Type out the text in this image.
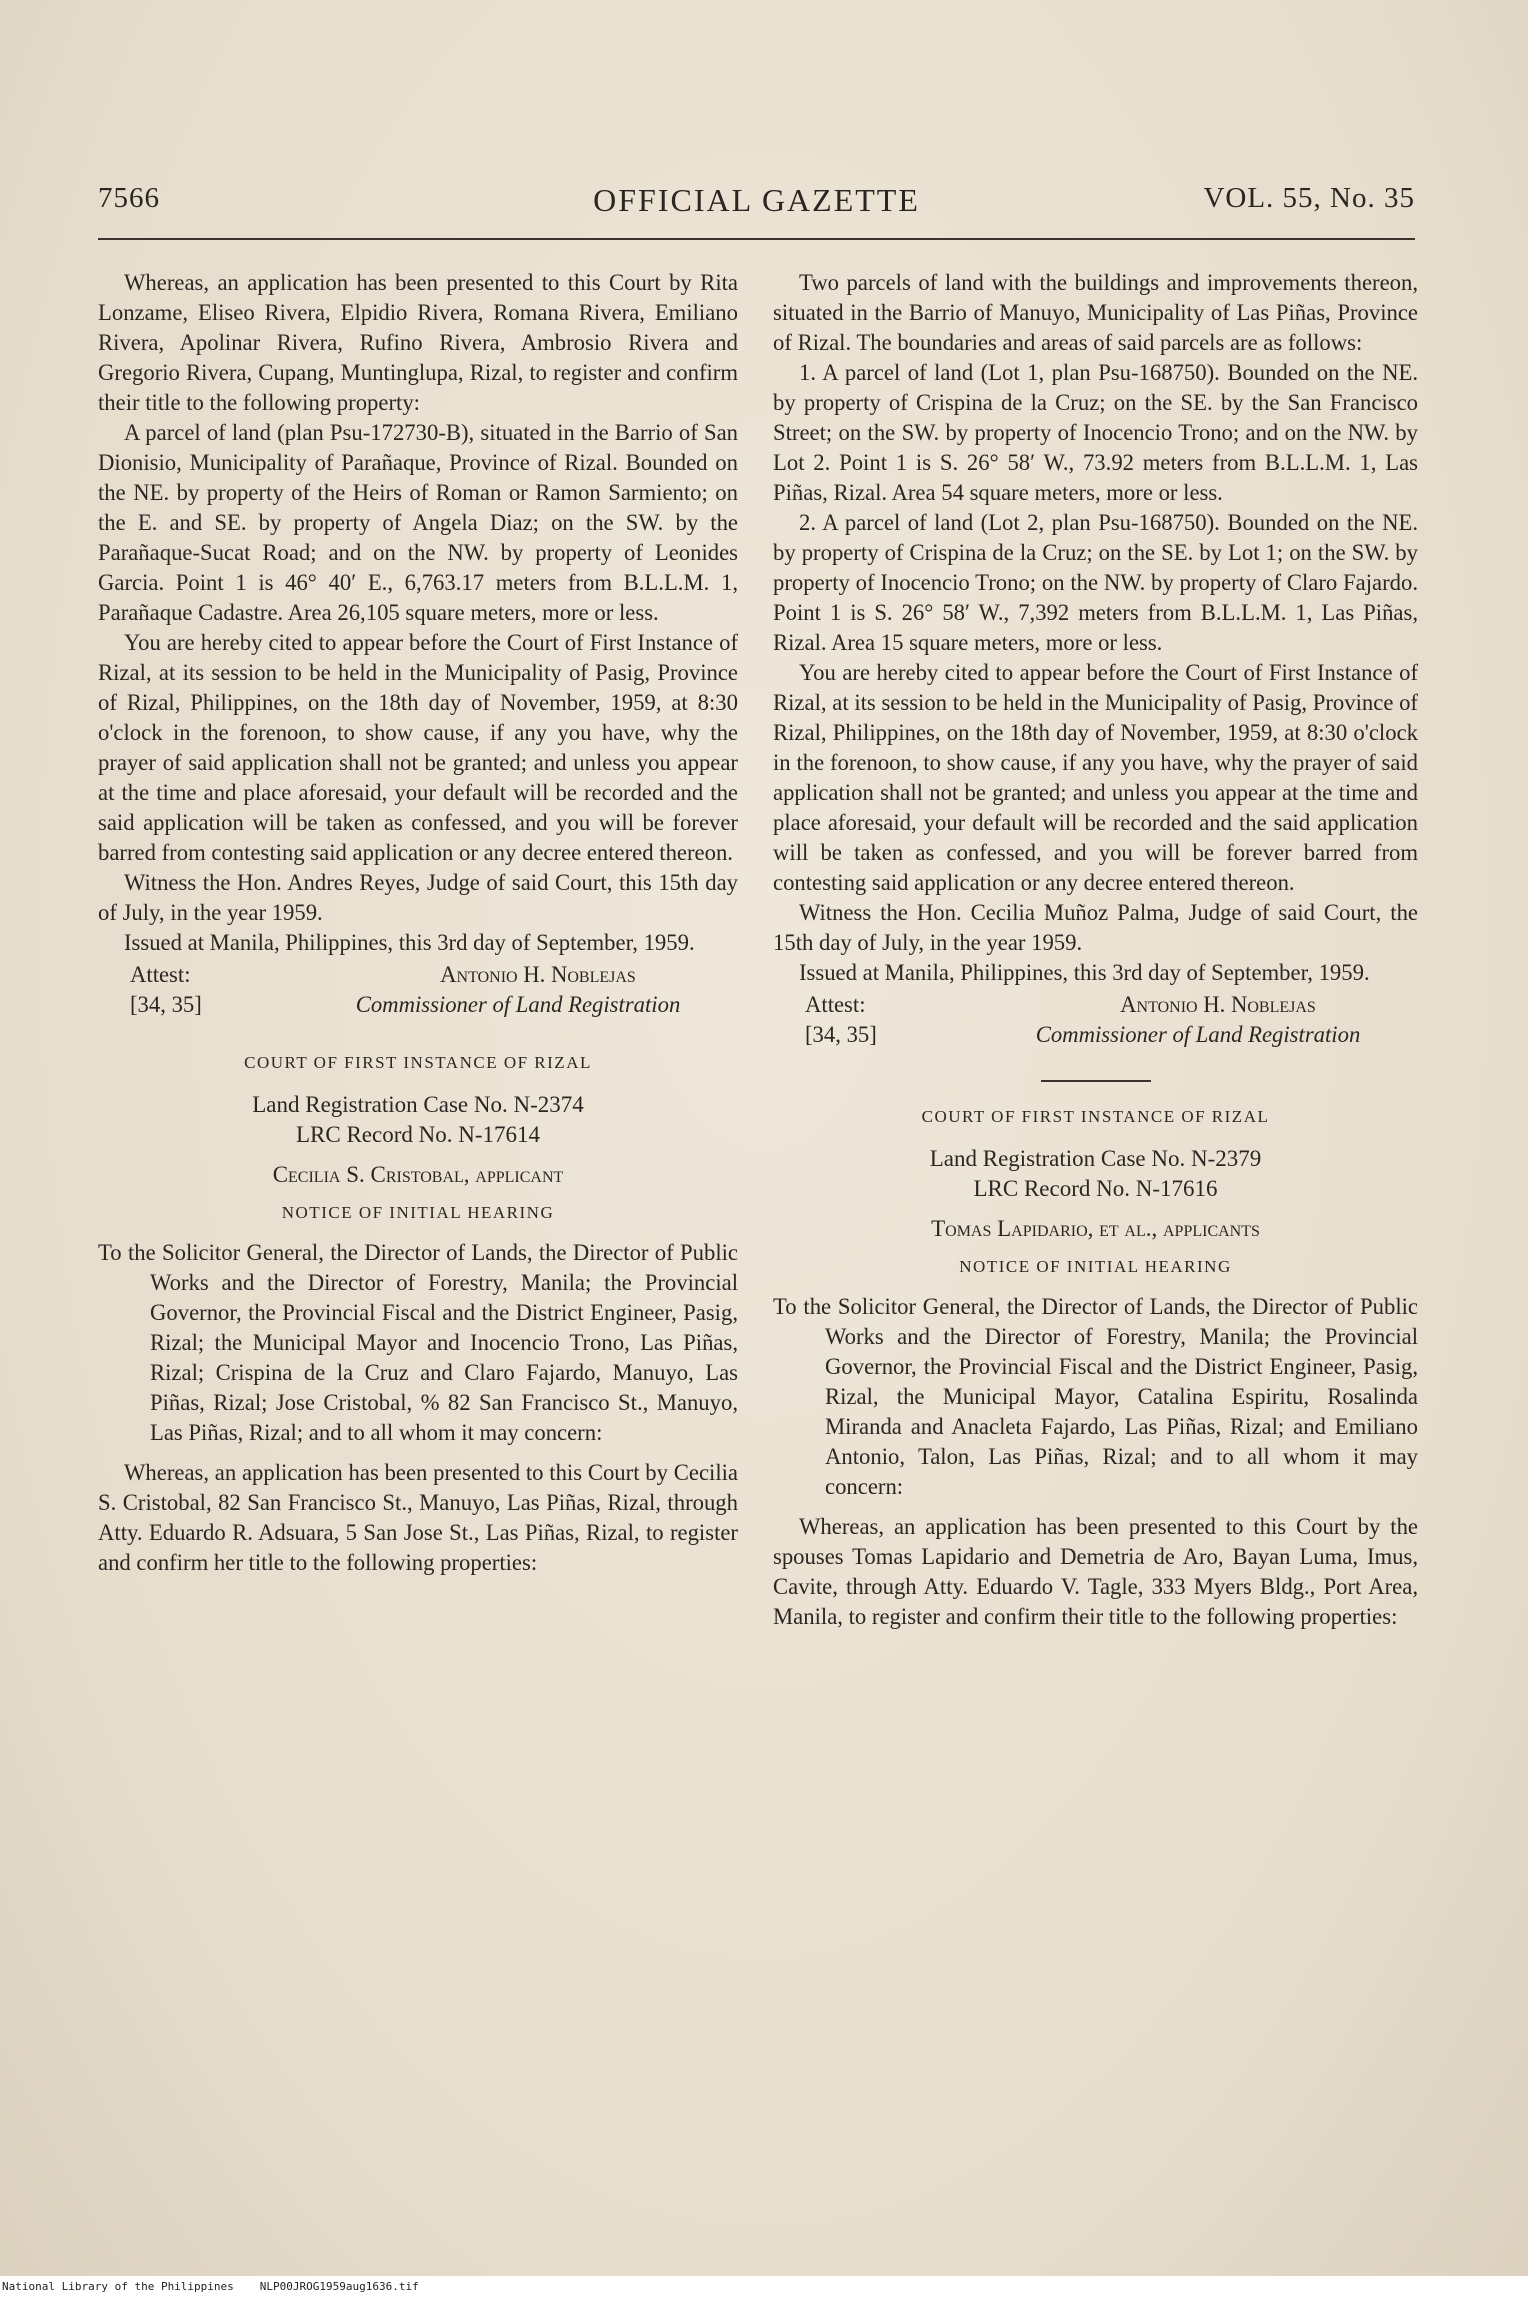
7566	OFFICIAL GAZETTE	VOL. 55, No. 35

Whereas, an application has been presented to this Court by Rita Lonzame, Eliseo Rivera, Elpidio Rivera, Romana Rivera, Emiliano Rivera, Apolinar Rivera, Rufino Rivera, Ambrosio Rivera and Gregorio Rivera, Cupang, Muntinglupa, Rizal, to register and confirm their title to the following property:

A parcel of land (plan Psu-172730-B), situated in the Barrio of San Dionisio, Municipality of Parañaque, Province of Rizal. Bounded on the NE. by property of the Heirs of Roman or Ramon Sarmiento; on the E. and SE. by property of Angela Diaz; on the SW. by the Parañaque-Sucat Road; and on the NW. by property of Leonides Garcia. Point 1 is 46° 40′ E., 6,763.17 meters from B.L.L.M. 1, Parañaque Cadastre. Area 26,105 square meters, more or less.

You are hereby cited to appear before the Court of First Instance of Rizal, at its session to be held in the Municipality of Pasig, Province of Rizal, Philippines, on the 18th day of November, 1959, at 8:30 o'clock in the forenoon, to show cause, if any you have, why the prayer of said application shall not be granted; and unless you appear at the time and place aforesaid, your default will be recorded and the said application will be taken as confessed, and you will be forever barred from contesting said application or any decree entered thereon.

Witness the Hon. Andres Reyes, Judge of said Court, this 15th day of July, in the year 1959.

Issued at Manila, Philippines, this 3rd day of September, 1959.

Attest:
[34, 35]
Antonio H. Noblejas
Commissioner of Land Registration
COURT OF FIRST INSTANCE OF RIZAL
Land Registration Case No. N-2374
LRC Record No. N-17614
Cecilia S. Cristobal, applicant
NOTICE OF INITIAL HEARING

To the Solicitor General, the Director of Lands, the Director of Public Works and the Director of Forestry, Manila; the Provincial Governor, the Provincial Fiscal and the District Engineer, Pasig, Rizal; the Municipal Mayor and Inocencio Trono, Las Piñas, Rizal; Crispina de la Cruz and Claro Fajardo, Manuyo, Las Piñas, Rizal; Jose Cristobal, % 82 San Francisco St., Manuyo, Las Piñas, Rizal; and to all whom it may concern:

Whereas, an application has been presented to this Court by Cecilia S. Cristobal, 82 San Francisco St., Manuyo, Las Piñas, Rizal, through Atty. Eduardo R. Adsuara, 5 San Jose St., Las Piñas, Rizal, to register and confirm her title to the following properties:

Two parcels of land with the buildings and improvements thereon, situated in the Barrio of Manuyo, Municipality of Las Piñas, Province of Rizal. The boundaries and areas of said parcels are as follows:

1. A parcel of land (Lot 1, plan Psu-168750). Bounded on the NE. by property of Crispina de la Cruz; on the SE. by the San Francisco Street; on the SW. by property of Inocencio Trono; and on the NW. by Lot 2. Point 1 is S. 26° 58′ W., 73.92 meters from B.L.L.M. 1, Las Piñas, Rizal. Area 54 square meters, more or less.

2. A parcel of land (Lot 2, plan Psu-168750). Bounded on the NE. by property of Crispina de la Cruz; on the SE. by Lot 1; on the SW. by property of Inocencio Trono; on the NW. by property of Claro Fajardo. Point 1 is S. 26° 58′ W., 7,392 meters from B.L.L.M. 1, Las Piñas, Rizal. Area 15 square meters, more or less.

You are hereby cited to appear before the Court of First Instance of Rizal, at its session to be held in the Municipality of Pasig, Province of Rizal, Philippines, on the 18th day of November, 1959, at 8:30 o'clock in the forenoon, to show cause, if any you have, why the prayer of said application shall not be granted; and unless you appear at the time and place aforesaid, your default will be recorded and the said application will be taken as confessed, and you will be forever barred from contesting said application or any decree entered thereon.

Witness the Hon. Cecilia Muñoz Palma, Judge of said Court, the 15th day of July, in the year 1959.

Issued at Manila, Philippines, this 3rd day of September, 1959.

Attest:
[34, 35]
Antonio H. Noblejas
Commissioner of Land Registration
COURT OF FIRST INSTANCE OF RIZAL
Land Registration Case No. N-2379
LRC Record No. N-17616
Tomas Lapidario, et al., applicants
NOTICE OF INITIAL HEARING

To the Solicitor General, the Director of Lands, the Director of Public Works and the Director of Forestry, Manila; the Provincial Governor, the Provincial Fiscal and the District Engineer, Pasig, Rizal, the Municipal Mayor, Catalina Espiritu, Rosalinda Miranda and Anacleta Fajardo, Las Piñas, Rizal; and Emiliano Antonio, Talon, Las Piñas, Rizal; and to all whom it may concern:

Whereas, an application has been presented to this Court by the spouses Tomas Lapidario and Demetria de Aro, Bayan Luma, Imus, Cavite, through Atty. Eduardo V. Tagle, 333 Myers Bldg., Port Area, Manila, to register and confirm their title to the following properties:

National Library of the Philippines NLP00JROG1959aug1636.tif
